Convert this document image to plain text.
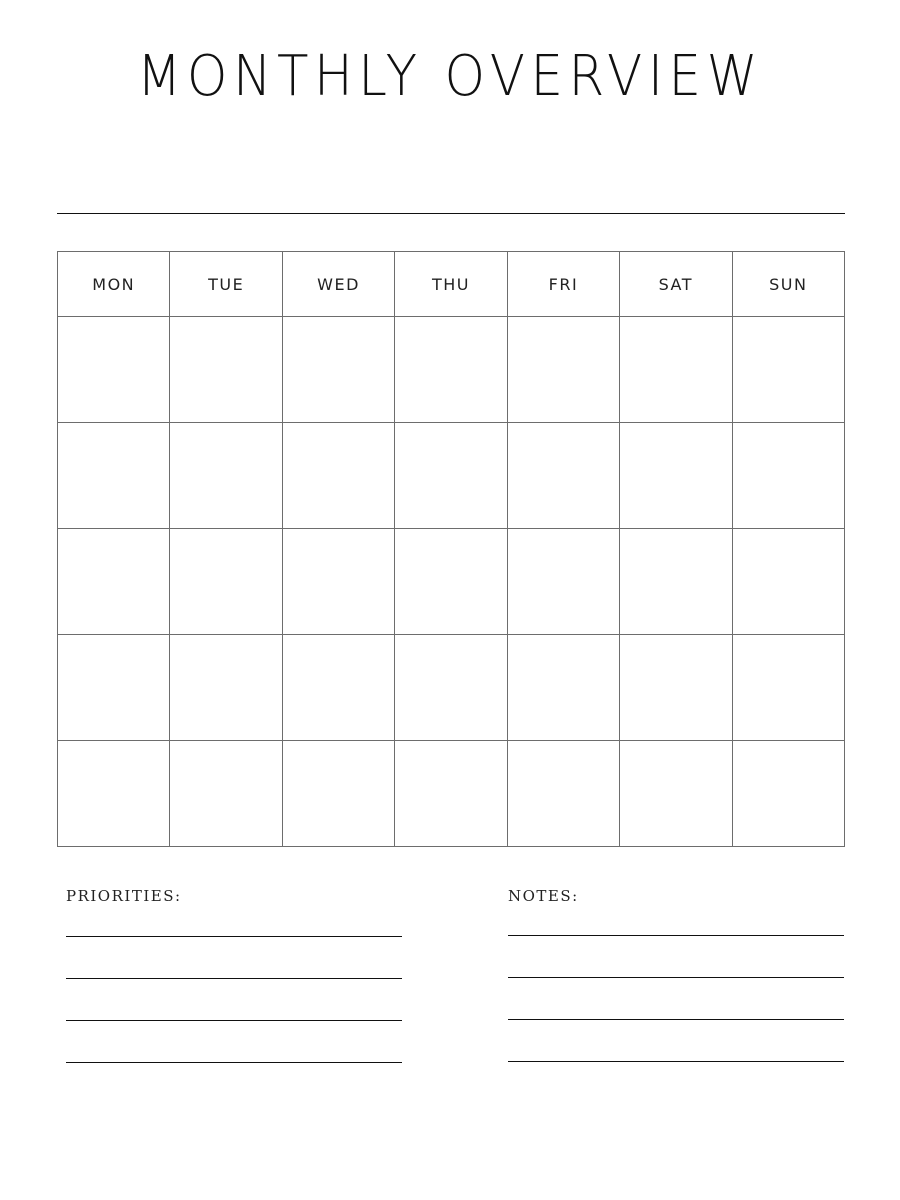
MONTHLY OVERVIEW
MON	TUE	WED	THU	FRI	SAT	SUN

PRIORITIES:	NOTES:
